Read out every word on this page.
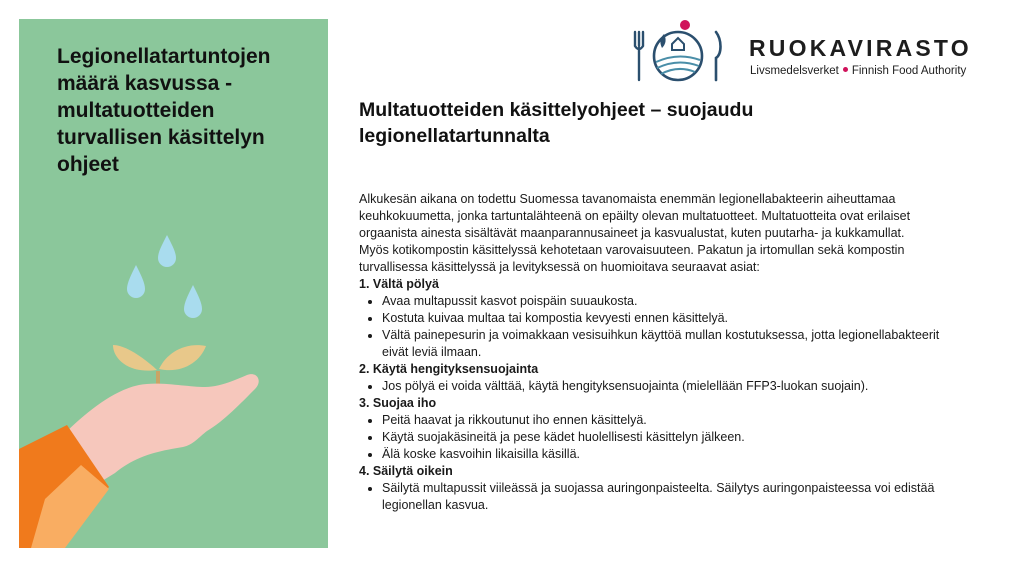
Legionellatartuntojen määrä kasvussa - multatuotteiden turvallisen käsittelyn ohjeet
RUOKAVIRASTO
Livsmedelsverket Finnish Food Authority
Multatuotteiden käsittelyohjeet – suojaudu legionellatartunnalta

Alkukesän aikana on todettu Suomessa tavanomaista enemmän legionellabakteerin aiheuttamaa keuhkokuumetta, jonka tartuntalähteenä on epäilty olevan multatuotteet. Multatuotteita ovat erilaiset orgaanista ainesta sisältävät maanparannusaineet ja kasvualustat, kuten puutarha- ja kukkamullat.

Myös kotikompostin käsittelyssä kehotetaan varovaisuuteen. Pakatun ja irtomullan sekä kompostin turvallisessa käsittelyssä ja levityksessä on huomioitava seuraavat asiat:

1. Vältä pölyä

• Avaa multapussit kasvot poispäin suuaukosta.
• Kostuta kuivaa multaa tai kompostia kevyesti ennen käsittelyä.
• Vältä painepesurin ja voimakkaan vesisuihkun käyttöä mullan kostutuksessa, jotta legionellabakteerit eivät leviä ilmaan.

2. Käytä hengityksensuojainta

• Jos pölyä ei voida välttää, käytä hengityksensuojainta (mielellään FFP3-luokan suojain).

3. Suojaa iho

• Peitä haavat ja rikkoutunut iho ennen käsittelyä.
• Käytä suojakäsineitä ja pese kädet huolellisesti käsittelyn jälkeen.
• Älä koske kasvoihin likaisilla käsillä.

4. Säilytä oikein

• Säilytä multapussit viileässä ja suojassa auringonpaisteelta. Säilytys auringonpaisteessa voi edistää legionellan kasvua.
